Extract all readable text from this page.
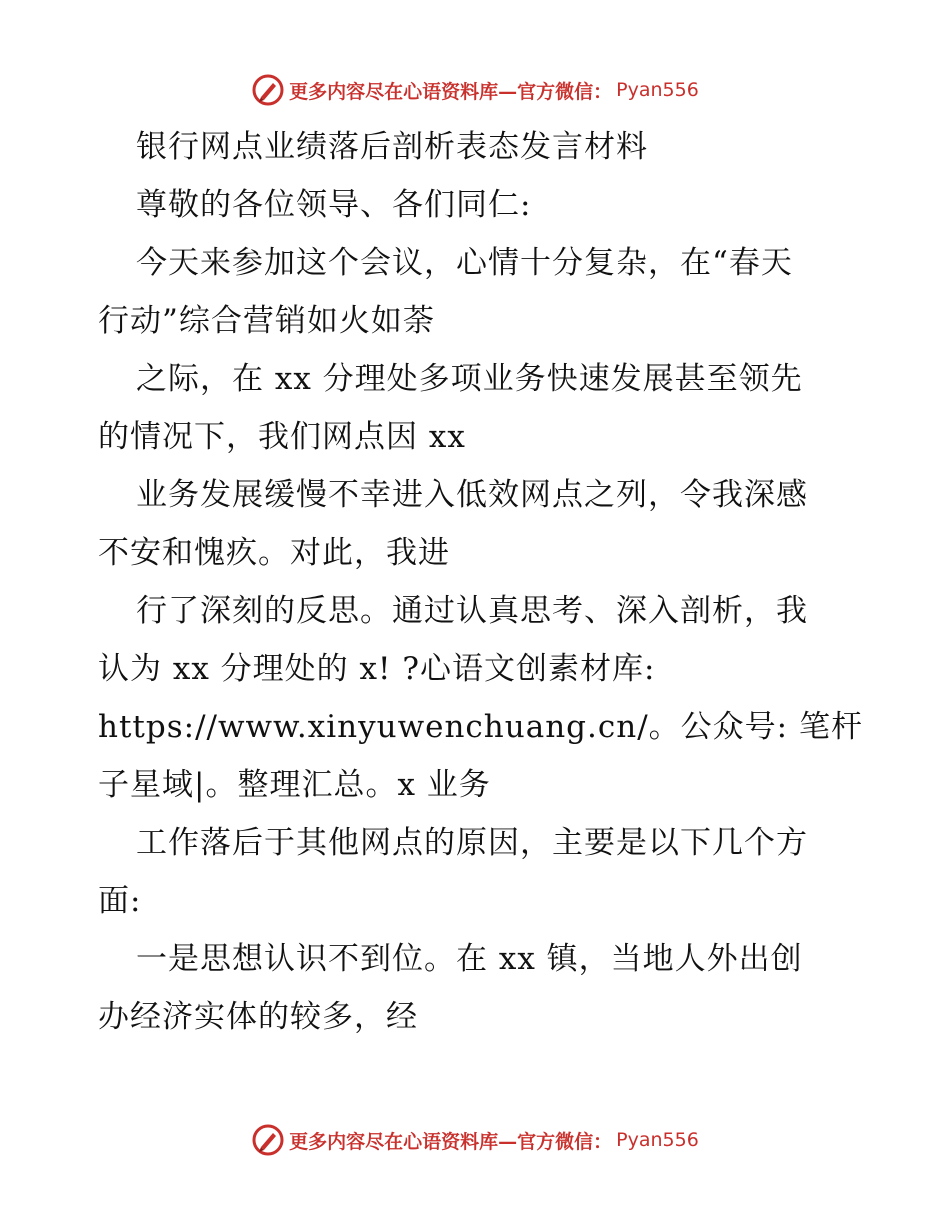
更多内容尽在心语资料库—官方微信： Pyan556
银行网点业绩落后剖析表态发言材料
尊敬的各位领导、各们同仁:
今天来参加这个会议，心情十分复杂，在“春天
行动”综合营销如火如荼
之际，在 xx 分理处多项业务快速发展甚至领先
的情况下，我们网点因 xx
业务发展缓慢不幸进入低效网点之列，令我深感
不安和愧疚。对此，我进
行了深刻的反思。通过认真思考、深入剖析，我
认为 xx 分理处的 x! ?心语文创素材库:
https://www.xinyuwenchuang.cn/。公众号: 笔杆
子星域|。整理汇总。x 业务
工作落后于其他网点的原因，主要是以下几个方
面:
一是思想认识不到位。在 xx 镇，当地人外出创
办经济实体的较多，经
更多内容尽在心语资料库—官方微信： Pyan556
